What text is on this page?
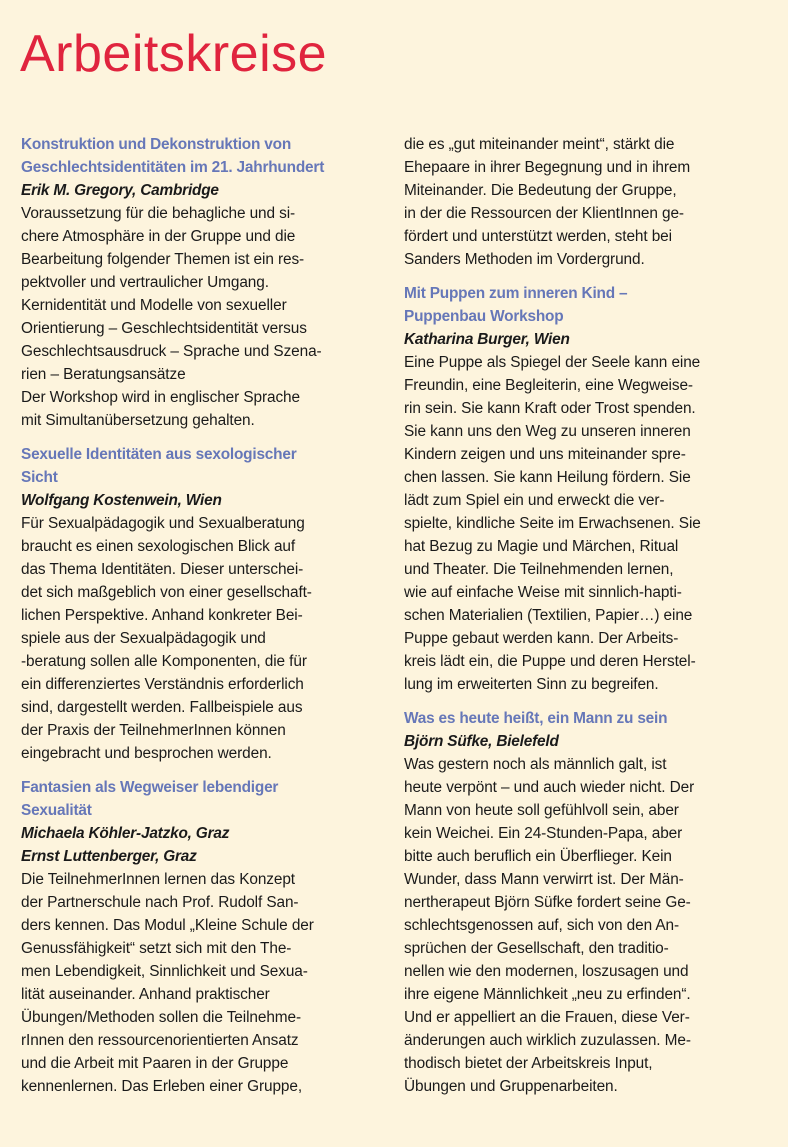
Arbeitskreise
Konstruktion und Dekonstruktion von
Geschlechtsidentitäten im 21. Jahrhundert
Erik M. Gregory, Cambridge
Voraussetzung für die behagliche und si-
chere Atmosphäre in der Gruppe und die
Bearbeitung folgender Themen ist ein res-
pektvoller und vertraulicher Umgang.
Kernidentität und Modelle von sexueller
Orientierung – Geschlechtsidentität versus
Geschlechtsausdruck – Sprache und Szena-
rien – Beratungsansätze
Der Workshop wird in englischer Sprache
mit Simultanübersetzung gehalten.
Sexuelle Identitäten aus sexologischer
Sicht
Wolfgang Kostenwein, Wien
Für Sexualpädagogik und Sexualberatung
braucht es einen sexologischen Blick auf
das Thema Identitäten. Dieser unterschei-
det sich maßgeblich von einer gesellschaft-
lichen Perspektive. Anhand konkreter Bei-
spiele aus der Sexualpädagogik und
-beratung sollen alle Komponenten, die für
ein differenziertes Verständnis erforderlich
sind, dargestellt werden. Fallbeispiele aus
der Praxis der TeilnehmerInnen können
eingebracht und besprochen werden.
Fantasien als Wegweiser lebendiger
Sexualität
Michaela Köhler-Jatzko, Graz
Ernst Luttenberger, Graz
Die TeilnehmerInnen lernen das Konzept
der Partnerschule nach Prof. Rudolf San-
ders kennen. Das Modul „Kleine Schule der
Genussfähigkeit“ setzt sich mit den The-
men Lebendigkeit, Sinnlichkeit und Sexua-
lität auseinander. Anhand praktischer
Übungen/Methoden sollen die Teilnehme-
rInnen den ressourcenorientierten Ansatz
und die Arbeit mit Paaren in der Gruppe
kennenlernen. Das Erleben einer Gruppe,
die es „gut miteinander meint“, stärkt die
Ehepaare in ihrer Begegnung und in ihrem
Miteinander. Die Bedeutung der Gruppe,
in der die Ressourcen der KlientInnen ge-
fördert und unterstützt werden, steht bei
Sanders Methoden im Vordergrund.
Mit Puppen zum inneren Kind –
Puppenbau Workshop
Katharina Burger, Wien
Eine Puppe als Spiegel der Seele kann eine
Freundin, eine Begleiterin, eine Wegweise-
rin sein. Sie kann Kraft oder Trost spenden.
Sie kann uns den Weg zu unseren inneren
Kindern zeigen und uns miteinander spre-
chen lassen. Sie kann Heilung fördern. Sie
lädt zum Spiel ein und erweckt die ver-
spielte, kindliche Seite im Erwachsenen. Sie
hat Bezug zu Magie und Märchen, Ritual
und Theater. Die Teilnehmenden lernen,
wie auf einfache Weise mit sinnlich-hapti-
schen Materialien (Textilien, Papier…) eine
Puppe gebaut werden kann. Der Arbeits-
kreis lädt ein, die Puppe und deren Herstel-
lung im erweiterten Sinn zu begreifen.
Was es heute heißt, ein Mann zu sein
Björn Süfke, Bielefeld
Was gestern noch als männlich galt, ist
heute verpönt – und auch wieder nicht. Der
Mann von heute soll gefühlvoll sein, aber
kein Weichei. Ein 24-Stunden-Papa, aber
bitte auch beruflich ein Überflieger. Kein
Wunder, dass Mann verwirrt ist. Der Män-
nertherapeut Björn Süfke fordert seine Ge-
schlechtsgenossen auf, sich von den An-
sprüchen der Gesellschaft, den traditio-
nellen wie den modernen, loszusagen und
ihre eigene Männlichkeit „neu zu erfinden“.
Und er appelliert an die Frauen, diese Ver-
änderungen auch wirklich zuzulassen. Me-
thodisch bietet der Arbeitskreis Input,
Übungen und Gruppenarbeiten.
